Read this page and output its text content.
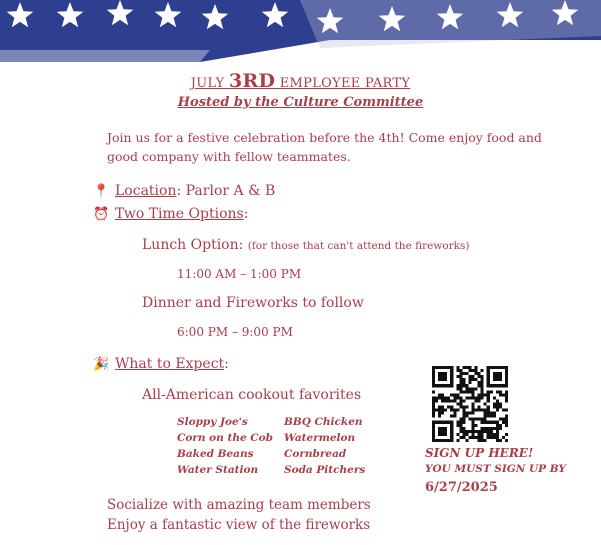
JULY 3RD EMPLOYEE PARTY
Hosted by the Culture Committee
Join us for a festive celebration before the 4th! Come enjoy food and good company with fellow teammates.
📍 Location: Parlor A & B
⏰ Two Time Options:
Lunch Option: (for those that can't attend the fireworks)
11:00 AM – 1:00 PM
Dinner and Fireworks to follow
6:00 PM – 9:00 PM
🎉 What to Expect:
All-American cookout favorites
Sloppy Joe's
Corn on the Cob
Baked Beans
Water Station
BBQ Chicken
Watermelon
Cornbread
Soda Pitchers
SIGN UP HERE!
YOU MUST SIGN UP BY
6/27/2025
Socialize with amazing team members
Enjoy a fantastic view of the fireworks
